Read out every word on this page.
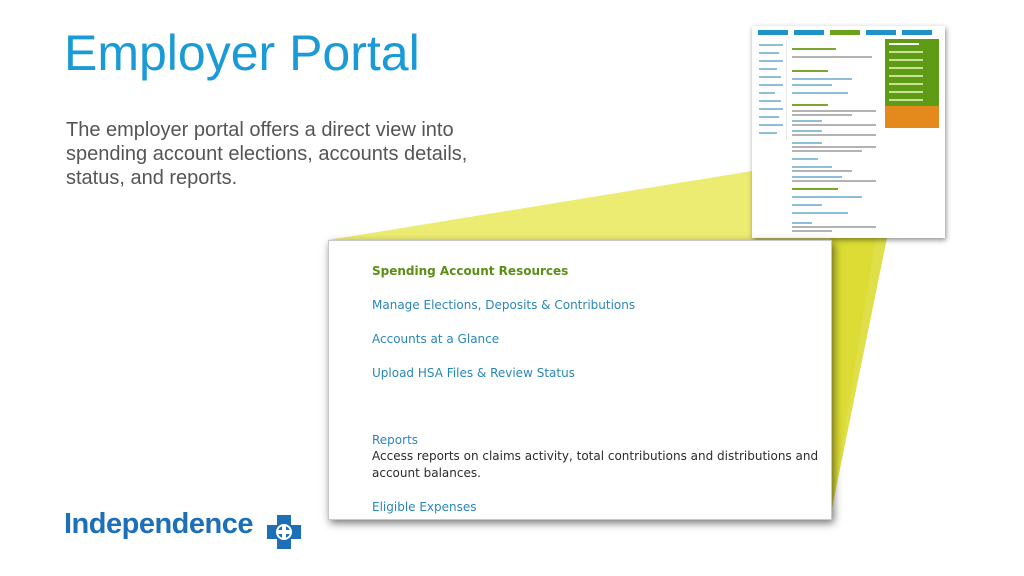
Employer Portal
The employer portal offers a direct view into spending account elections, accounts details, status, and reports.
Spending Account Resources
Manage Elections, Deposits & Contributions
Accounts at a Glance
Upload HSA Files & Review Status
Reports
Access reports on claims activity, total contributions and distributions and account balances.
Eligible Expenses
Independence
